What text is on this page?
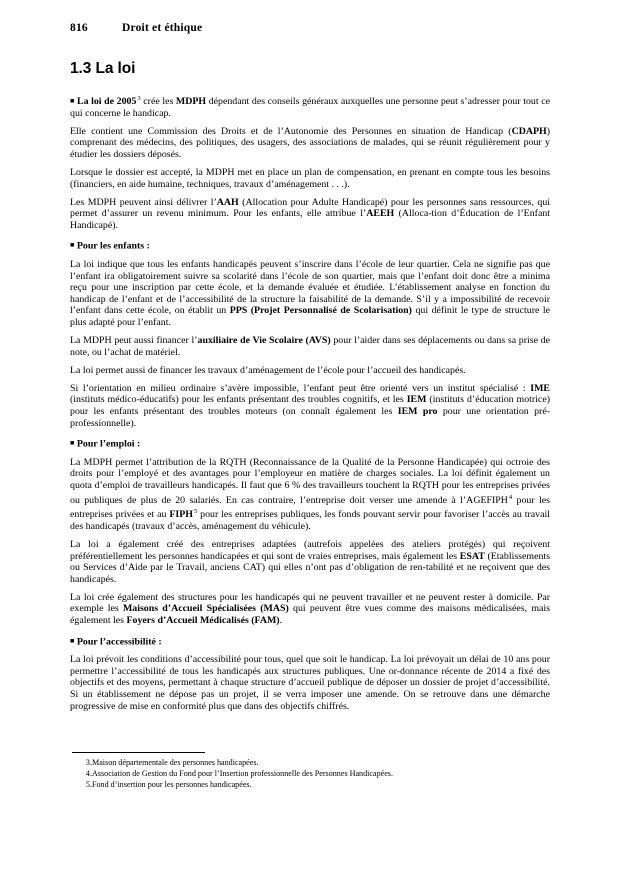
816	Droit et éthique
1.3 La loi

■ La loi de 2005$^3$ crée les MDPH dépendant des conseils généraux auxquelles une personne peut s’adresser pour tout ce qui concerne le handicap.

Elle contient une Commission des Droits et de l’Autonomie des Personnes en situation de Handicap (CDAPH) comprenant des médecins, des politiques, des usagers, des associations de malades, qui se réunit régulièrement pour y étudier les dossiers déposés.

Lorsque le dossier est accepté, la MDPH met en place un plan de compensation, en prenant en compte tous les besoins (financiers, en aide humaine, techniques, travaux d’aménagement . . .).

Les MDPH peuvent ainsi délivrer l’AAH (Allocation pour Adulte Handicapé) pour les personnes sans ressources, qui permet d’assurer un revenu minimum. Pour les enfants, elle attribue l’AEEH (Alloca-tion d’Éducation de l’Enfant Handicapé).

■ Pour les enfants :

La loi indique que tous les enfants handicapés peuvent s’inscrire dans l’école de leur quartier. Cela ne signifie pas que l’enfant ira obligatoirement suivre sa scolarité dans l’école de son quartier, mais que l’enfant doit donc être a minima reçu pour une inscription par cette école, et la demande évaluée et étudiée. L’établissement analyse en fonction du handicap de l’enfant et de l’accessibilité de la structure la faisabilité de la demande. S’il y a impossibilité de recevoir l’enfant dans cette école, on établit un PPS (Projet Personnalisé de Scolarisation) qui définit le type de structure le plus adapté pour l’enfant.

La MDPH peut aussi financer l’auxiliaire de Vie Scolaire (AVS) pour l’aider dans ses déplacements ou dans sa prise de note, ou l’achat de matériel.

La loi permet aussi de financer les travaux d’aménagement de l’école pour l’accueil des handicapés.

Si l’orientation en milieu ordinaire s’avère impossible, l’enfant peut être orienté vers un institut spécialisé : IME (instituts médico-éducatifs) pour les enfants présentant des troubles cognitifs, et les IEM (instituts d’éducation motrice) pour les enfants présentant des troubles moteurs (on connaît également les IEM pro pour une orientation pré-professionnelle).

■ Pour l’emploi :

La MDPH permet l’attribution de la RQTH (Reconnaissance de la Qualité de la Personne Handicapée) qui octroie des droits pour l’employé et des avantages pour l’employeur en matière de charges sociales. La loi définit également un quota d’emploi de travailleurs handicapés. Il faut que 6 % des travailleurs touchent la RQTH pour les entreprises privées ou publiques de plus de 20 salariés. En cas contraire, l’entreprise doit verser une amende à l’AGEFIPH$^4$ pour les entreprises privées et au FIPH$^5$ pour les entreprises publiques, les fonds pouvant servir pour favoriser l’accès au travail des handicapés (travaux d’accès, aménagement du véhicule).

La loi a également créé des entreprises adaptées (autrefois appelées des ateliers protégés) qui reçoivent préférentiellement les personnes handicapées et qui sont de vraies entreprises, mais également les ESAT (Etablissements ou Services d’Aide par le Travail, anciens CAT) qui elles n’ont pas d’obligation de ren-tabilité et ne reçoivent que des handicapés.

La loi crée également des structures pour les handicapés qui ne peuvent travailler et ne peuvent rester à domicile. Par exemple les Maisons d’Accueil Spécialisées (MAS) qui peuvent être vues comme des maisons médicalisées, mais également les Foyers d’Accueil Médicalisés (FAM).

■ Pour l’accessibilité :

La loi prévoit les conditions d’accessibilité pour tous, quel que soit le handicap. La loi prévoyait un délai de 10 ans pour permettre l’accessibilité de tous les handicapés aux structures publiques. Une or-donnance récente de 2014 a fixé des objectifs et des moyens, permettant à chaque structure d’accueil publique de déposer un dossier de projet d’accessibilité. Si un établissement ne dépose pas un projet, il se verra imposer une amende. On se retrouve dans une démarche progressive de mise en conformité plus que dans des objectifs chiffrés.

3. Maison départementale des personnes handicapées.
4. Association de Gestion du Fond pour l’Insertion professionnelle des Personnes Handicapées.
5. Fond d’insertion pour les personnes handicapées.
